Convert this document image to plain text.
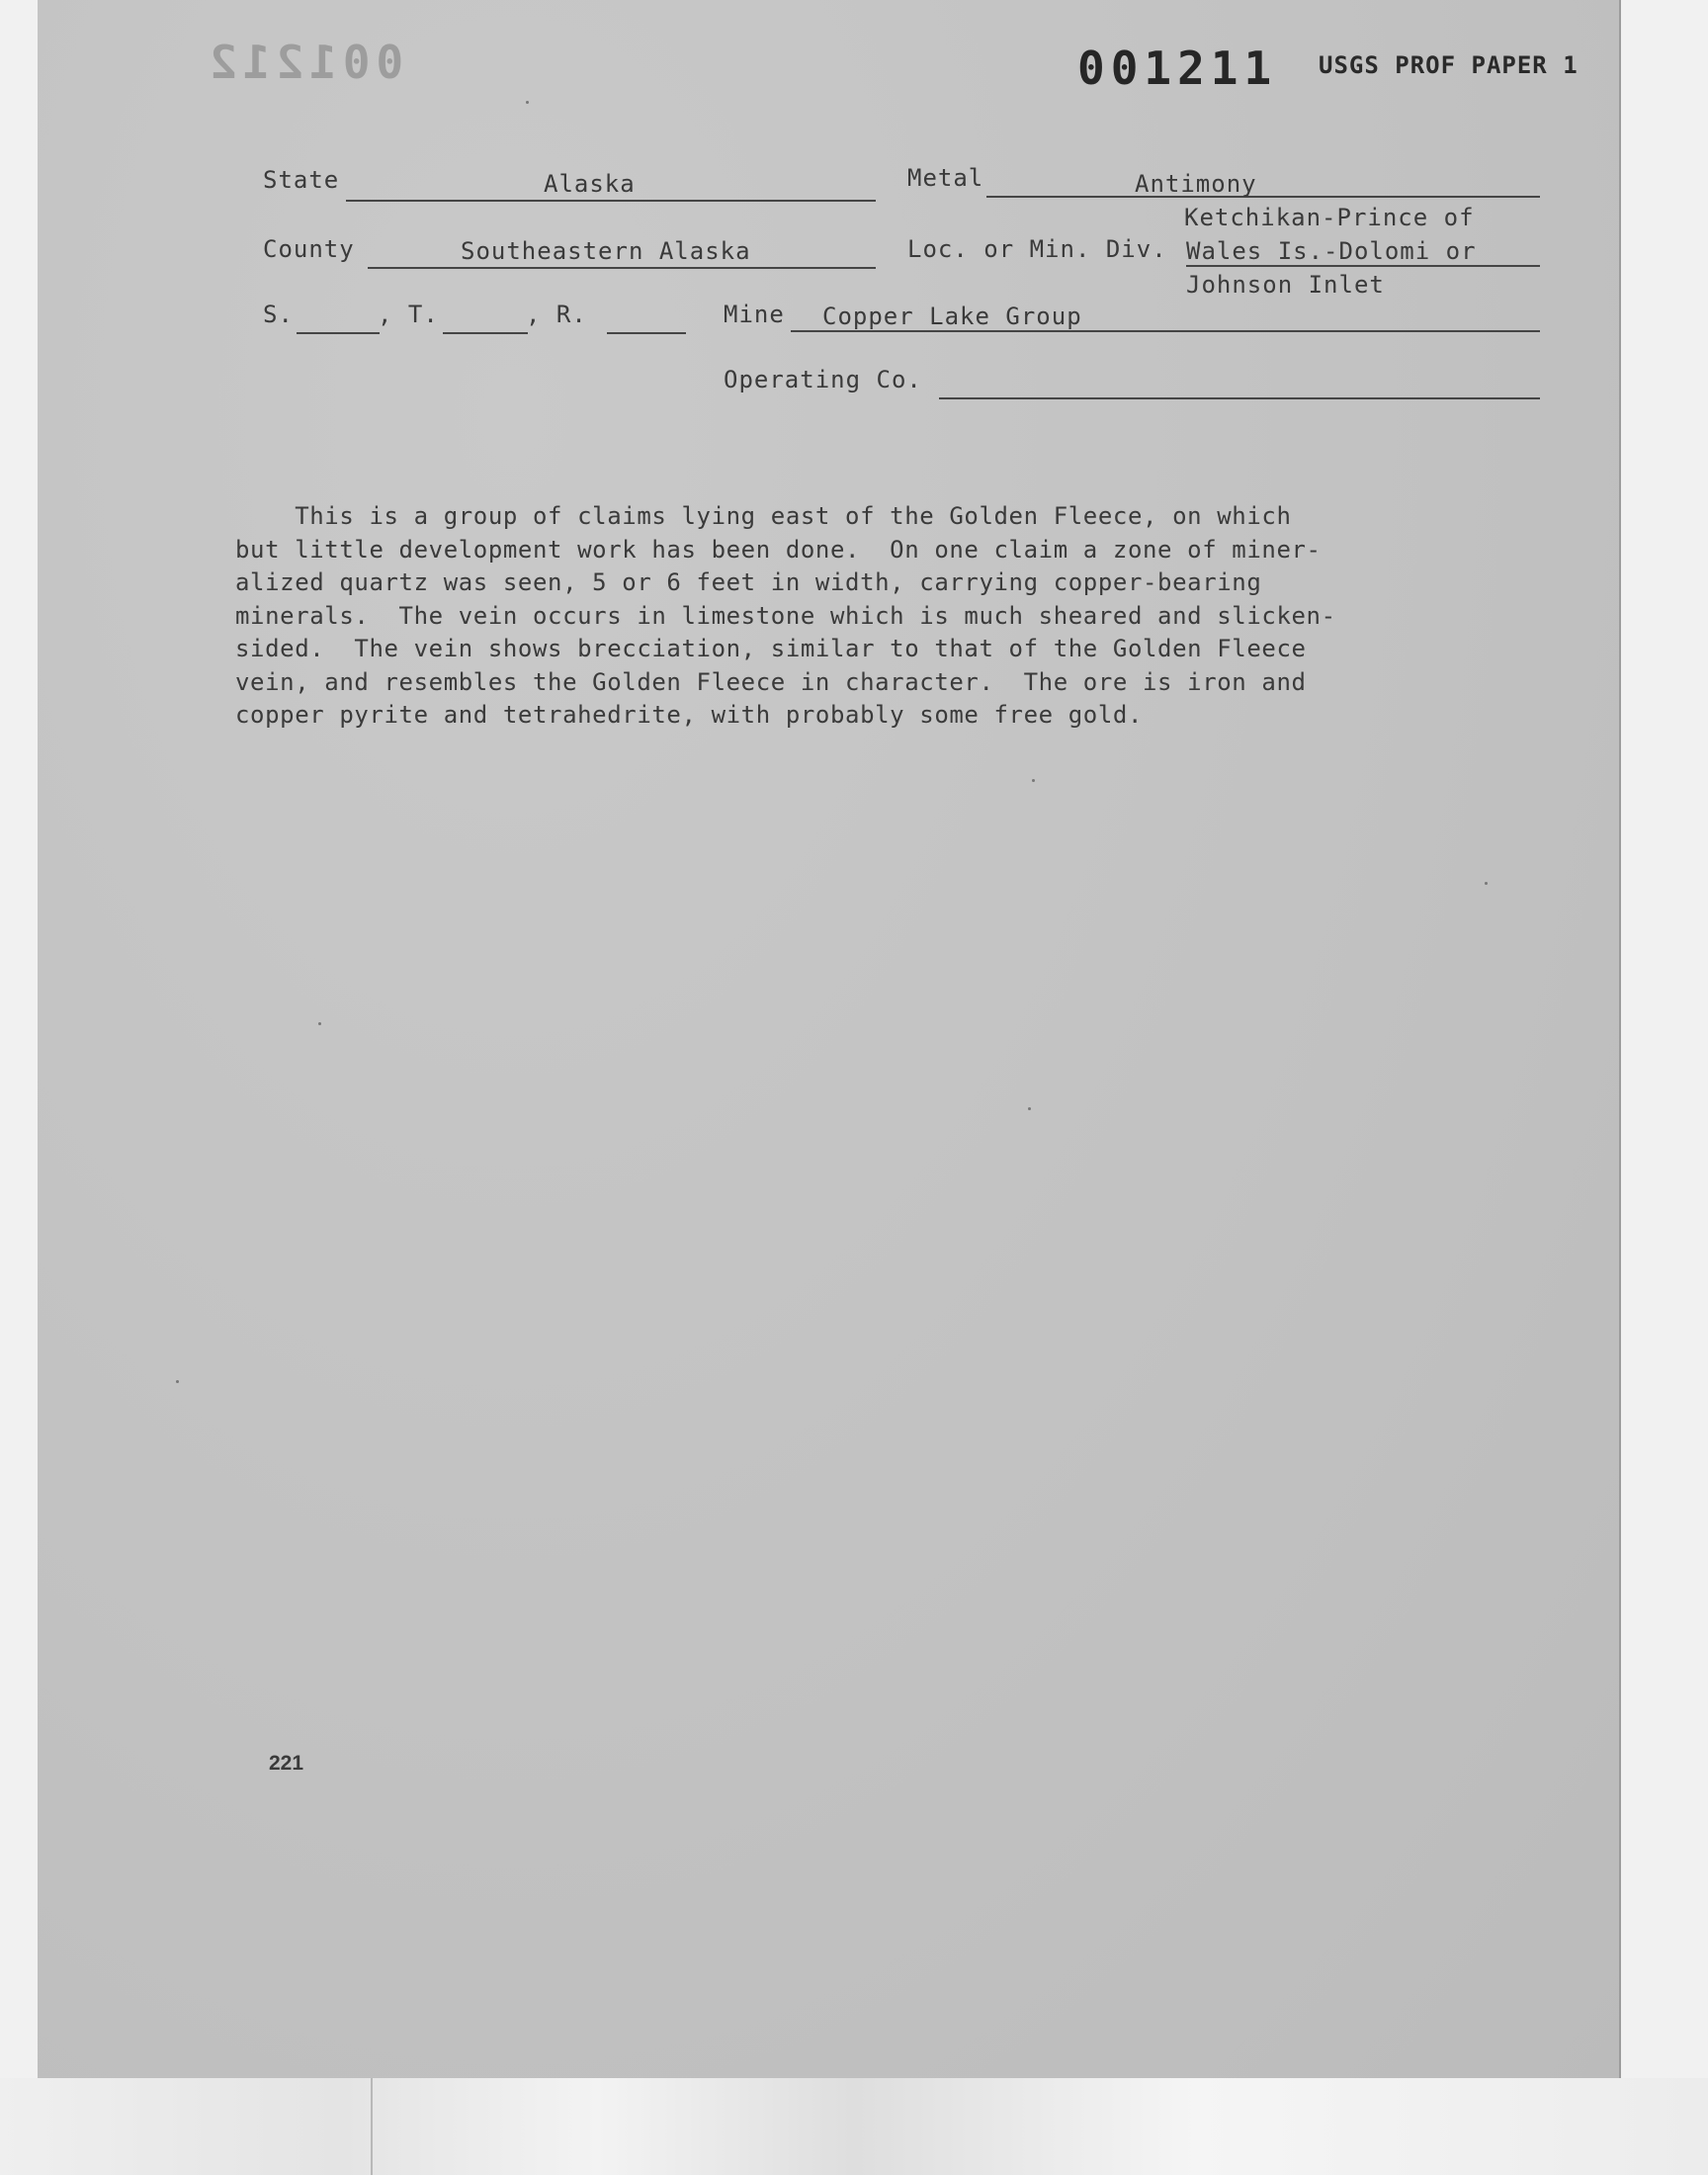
001212	001211 USGS PROF PAPER 1
State	Alaska	Metal	Antimony
County	Southeastern Alaska	Loc. or Min. Div.
Ketchikan-Prince of
Wales Is.-Dolomi or
Johnson Inlet
S.	, T.	, R.	Mine Copper Lake Group
Operating Co.
This is a group of claims lying east of the Golden Fleece, on which
but little development work has been done.  On one claim a zone of miner-
alized quartz was seen, 5 or 6 feet in width, carrying copper-bearing
minerals.  The vein occurs in limestone which is much sheared and slicken-
sided.  The vein shows brecciation, similar to that of the Golden Fleece
vein, and resembles the Golden Fleece in character.  The ore is iron and
copper pyrite and tetrahedrite, with probably some free gold.
221
